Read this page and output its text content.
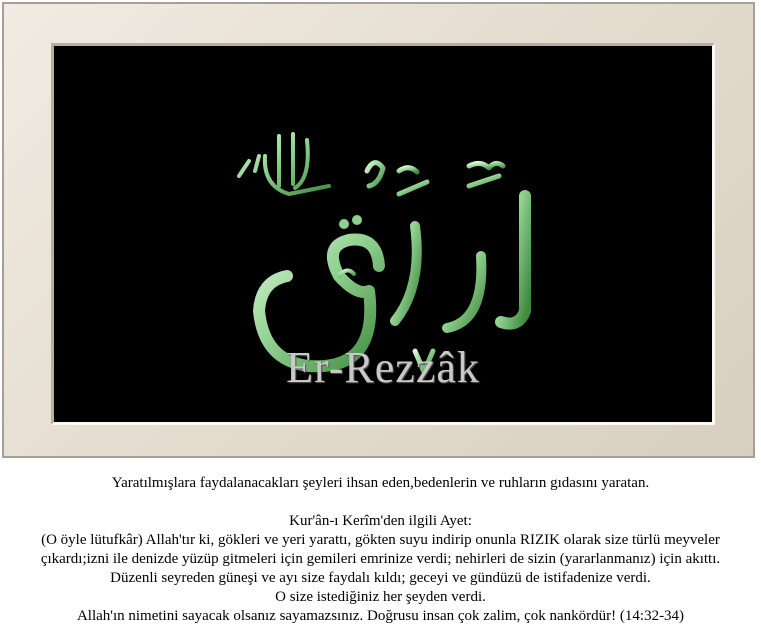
Er-Rezzâk
Yaratılmışlara faydalanacakları şeyleri ihsan eden,bedenlerin ve ruhların gıdasını yaratan.
Kur'ân-ı Kerîm'den ilgili Ayet:
(O öyle lütufkâr) Allah'tır ki, gökleri ve yeri yarattı, gökten suyu indirip onunla RIZIK olarak size türlü meyveler
çıkardı;izni ile denizde yüzüp gitmeleri için gemileri emrinize verdi; nehirleri de sizin (yararlanmanız) için akıttı.
Düzenli seyreden güneşi ve ayı size faydalı kıldı; geceyi ve gündüzü de istifadenize verdi.
O size istediğiniz her şeyden verdi.
Allah'ın nimetini sayacak olsanız sayamazsınız. Doğrusu insan çok zalim, çok nankördür! (14:32-34)
